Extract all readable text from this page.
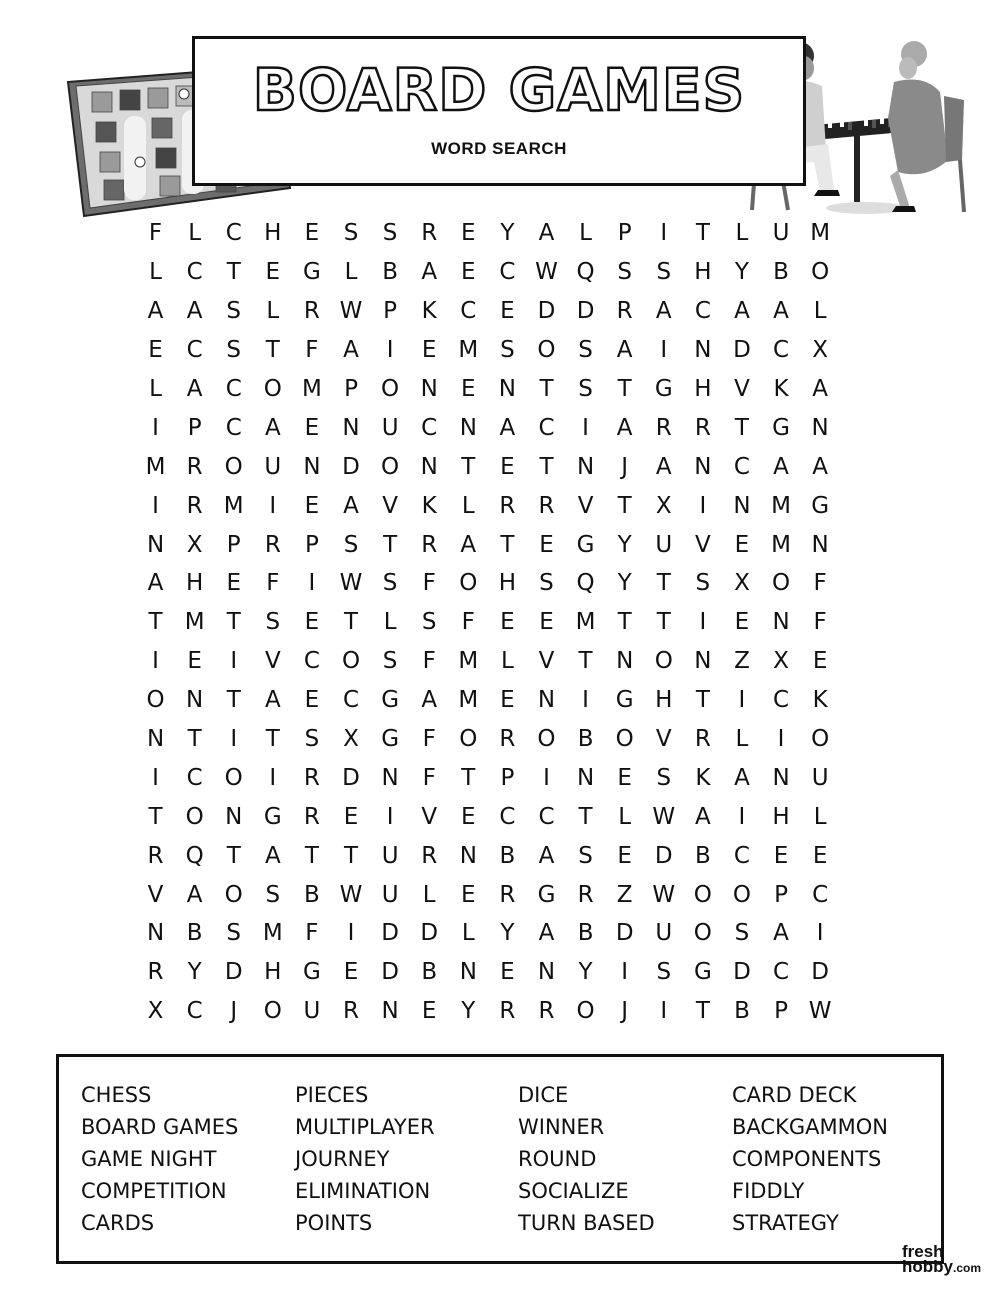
BOARD GAMES
WORD SEARCH
F	L	C H	E	S	S	R	E	Y	A	L	P	I	T	L	U M
L	C	T	E G	L	B	A	E	C W Q S	S	H	Y	B O
A	A	S	L	R W P	K	C	E D D R	A	C	A	A	L
E	C	S	T	F	A	I	E M S O S	A	I	N D C	X
L	A	C O M P	O N	E	N	T	S	T	G H V	K	A
I	P	C	A	E	N U C N A	C	I	A	R	R	T	G N
M R O U N D O N	T	E	T	N	J	A N C	A	A
I	R M	I	E	A	V	K	L	R	R	V	T	X	I	N M G
N X	P	R	P	S	T	R	A	T	E G	Y	U V	E M N
A H	E	F	I	W S	F	O H	S Q	Y	T	S	X O	F
T M T	S	E	T	L	S	F	E	E M T	T	I	E	N	F
I	E	I	V	C O S	F M L	V	T	N O N Z	X	E
O N	T	A	E	C G A M E	N	I	G H	T	I	C	K
N	T	I	T	S	X G	F	O R O B O V	R	L	I	O
I	C O	I	R D N	F	T	P	I	N	E	S	K	A N U
T	O N G R	E	I	V	E	C	C	T	L W A	I	H	L
R Q	T	A	T	T	U R N B	A	S	E D B	C	E	E
V	A O S	B W U	L	E	R G R	Z W O O	P	C
N B	S M F	I	D D	L	Y	A	B D U O S	A	I
R	Y	D H G E D B N	E	N	Y	I	S G D C D
X	C	J	O U R N	E	Y	R	R O	J	I	T	B	P W
CHESS
BOARD GAMES
GAME NIGHT
COMPETITION
CARDS
PIECES
MULTIPLAYER
JOURNEY
ELIMINATION
POINTS
DICE
WINNER
ROUND
SOCIALIZE
TURN BASED
CARD DECK
BACKGAMMON
COMPONENTS
FIDDLY
STRATEGY
fresh
hobby.com
